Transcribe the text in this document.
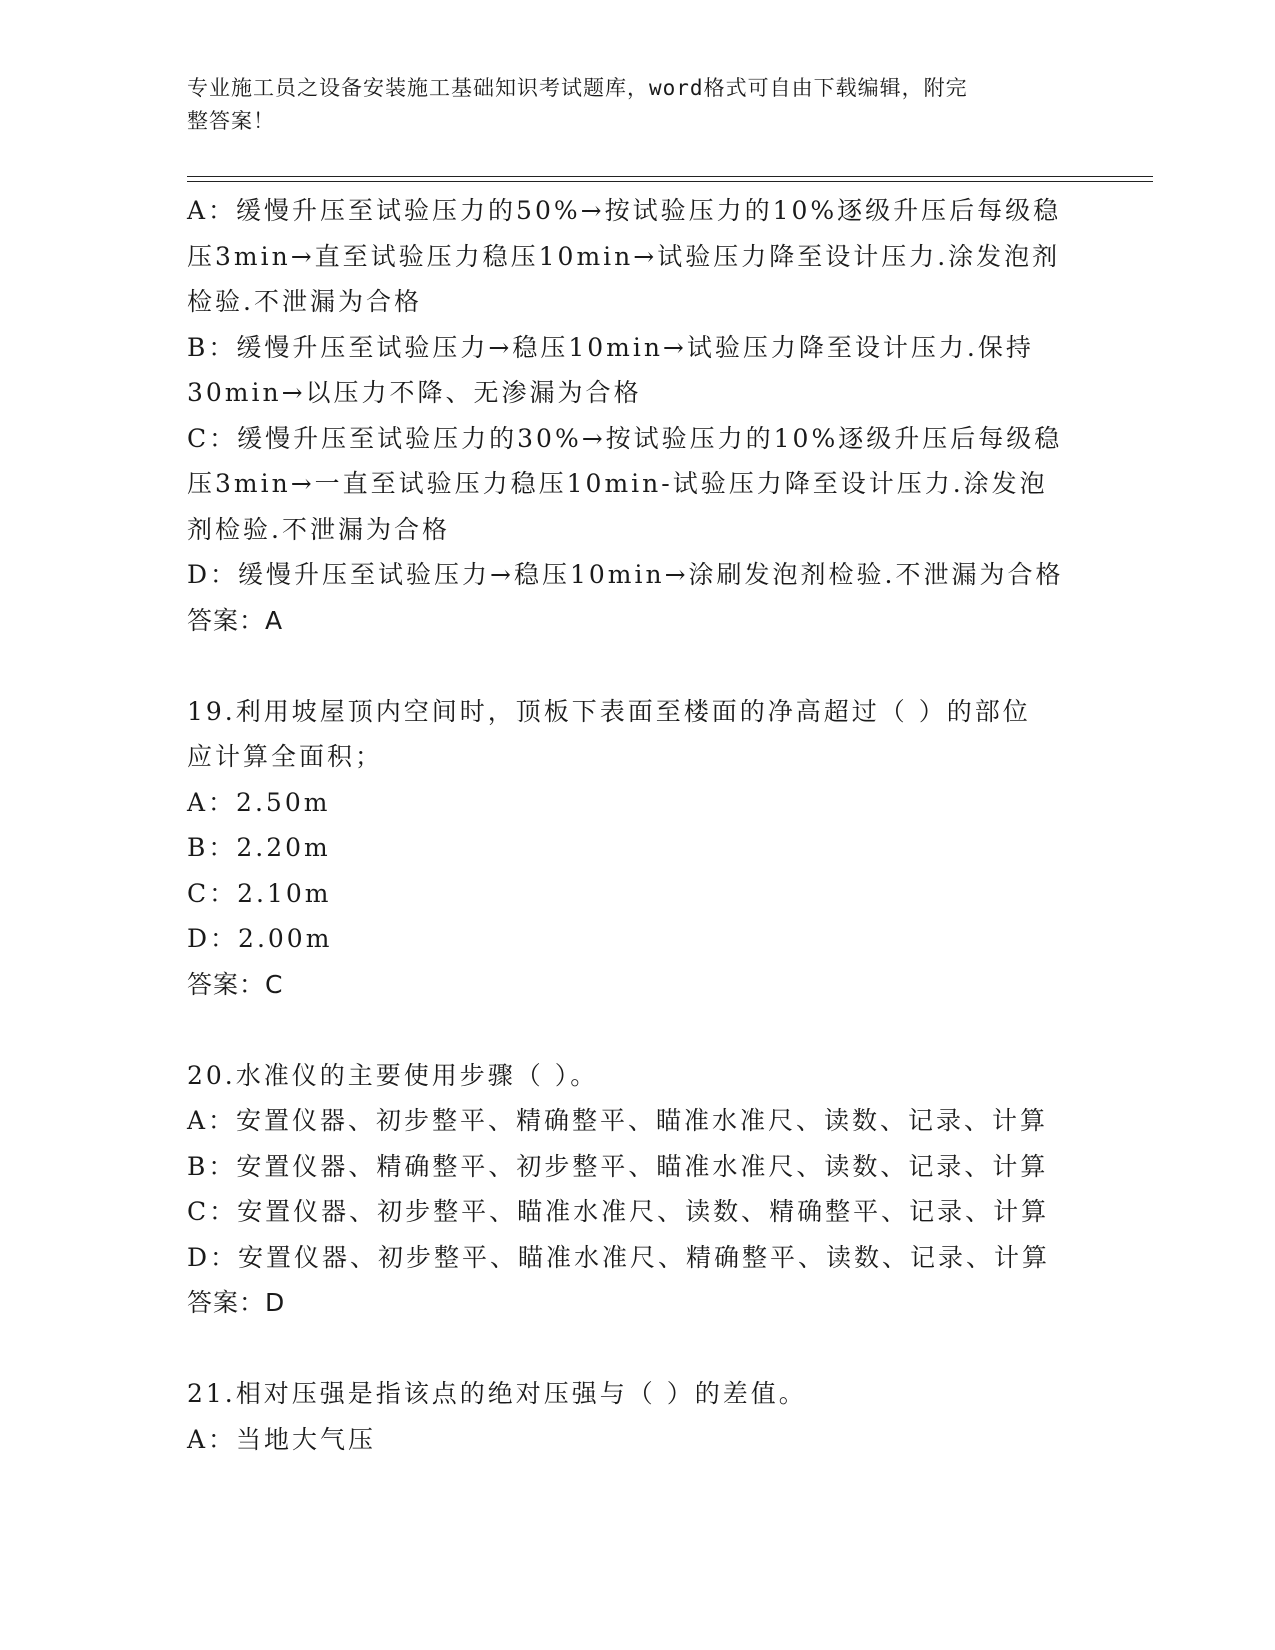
专业施工员之设备安装施工基础知识考试题库，word格式可自由下载编辑，附完
整答案！
A：缓慢升压至试验压力的50%→按试验压力的10%逐级升压后每级稳
压3min→直至试验压力稳压10min→试验压力降至设计压力.涂发泡剂
检验.不泄漏为合格
B：缓慢升压至试验压力→稳压10min→试验压力降至设计压力.保持
30min→以压力不降、无渗漏为合格
C：缓慢升压至试验压力的30%→按试验压力的10%逐级升压后每级稳
压3min→一直至试验压力稳压10min-试验压力降至设计压力.涂发泡
剂检验.不泄漏为合格
D：缓慢升压至试验压力→稳压10min→涂刷发泡剂检验.不泄漏为合格
答案：A
19.利用坡屋顶内空间时，顶板下表面至楼面的净高超过（ ）的部位
应计算全面积；
A：2.50m
B：2.20m
C：2.10m
D：2.00m
答案：C
20.水准仪的主要使用步骤（ ）。
A：安置仪器、初步整平、精确整平、瞄准水准尺、读数、记录、计算
B：安置仪器、精确整平、初步整平、瞄准水准尺、读数、记录、计算
C：安置仪器、初步整平、瞄准水准尺、读数、精确整平、记录、计算
D：安置仪器、初步整平、瞄准水准尺、精确整平、读数、记录、计算
答案：D
21.相对压强是指该点的绝对压强与（ ）的差值。
A：当地大气压
